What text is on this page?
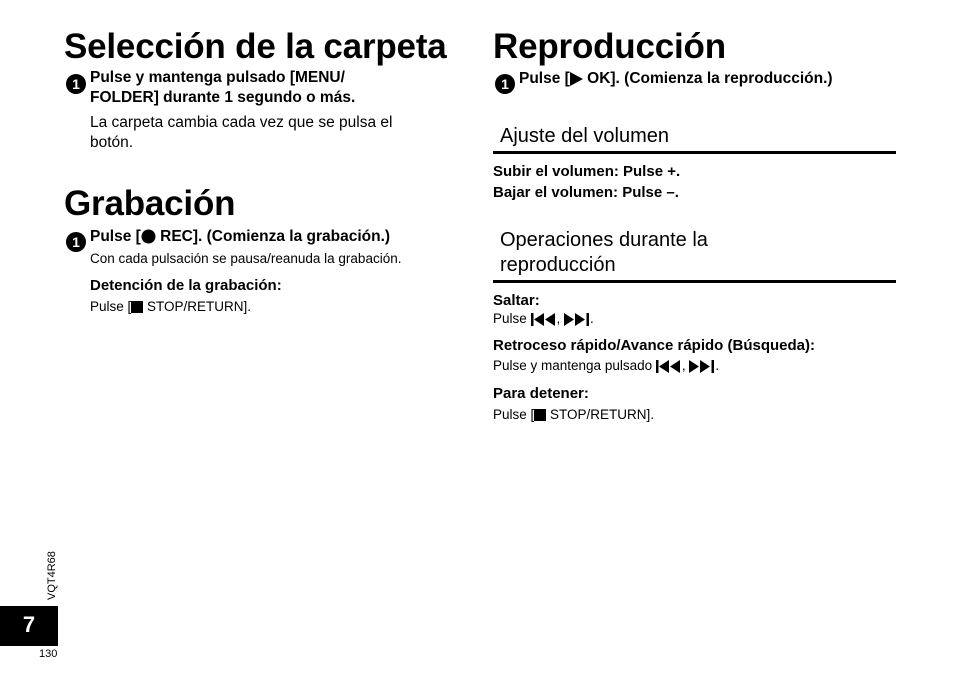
Selección de la carpeta
1 Pulse y mantenga pulsado [MENU/
FOLDER] durante 1 segundo o más.
La carpeta cambia cada vez que se pulsa el
botón.
Grabación
1 Pulse [ REC]. (Comienza la grabación.)
Con cada pulsación se pausa/reanuda la grabación.
Detención de la grabación:
Pulse [ STOP/RETURN].
Reproducción
1 Pulse [ OK]. (Comienza la reproducción.)
Ajuste del volumen
Subir el volumen: Pulse +.
Bajar el volumen: Pulse –.
Operaciones durante la
reproducción
Saltar:
Pulse , .
Retroceso rápido/Avance rápido (Búsqueda):
Pulse y mantenga pulsado , .
Para detener:
Pulse [ STOP/RETURN].
VQT4R68
7
130
